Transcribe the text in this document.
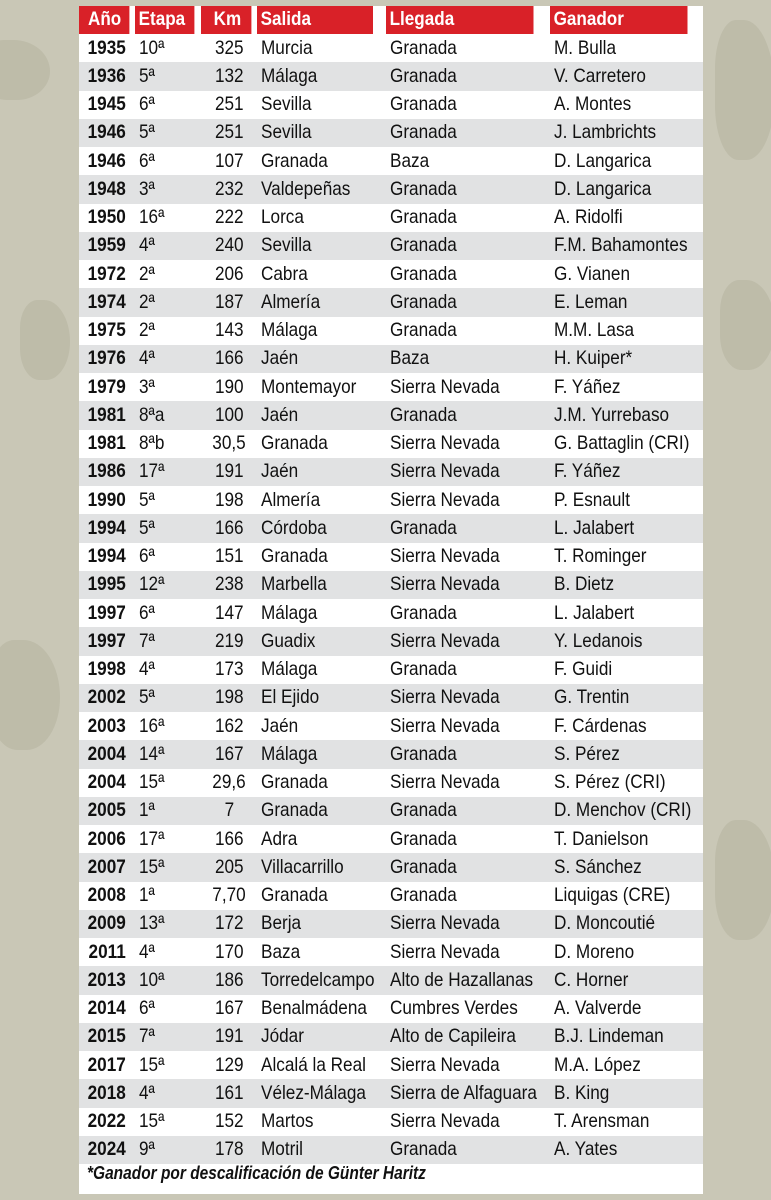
Año	Etapa	Km	Salida	Llegada	Ganador
1935	10ª	325	Murcia	Granada	M. Bulla
1936	5ª	132	Málaga	Granada	V. Carretero
1945	6ª	251	Sevilla	Granada	A. Montes
1946	5ª	251	Sevilla	Granada	J. Lambrichts
1946	6ª	107	Granada	Baza	D. Langarica
1948	3ª	232	Valdepeñas	Granada	D. Langarica
1950	16ª	222	Lorca	Granada	A. Ridolfi
1959	4ª	240	Sevilla	Granada	F.M. Bahamontes
1972	2ª	206	Cabra	Granada	G. Vianen
1974	2ª	187	Almería	Granada	E. Leman
1975	2ª	143	Málaga	Granada	M.M. Lasa
1976	4ª	166	Jaén	Baza	H. Kuiper*
1979	3ª	190	Montemayor	Sierra Nevada	F. Yáñez
1981	8ªa	100	Jaén	Granada	J.M. Yurrebaso
1981	8ªb	30,5	Granada	Sierra Nevada	G. Battaglin (CRI)
1986	17ª	191	Jaén	Sierra Nevada	F. Yáñez
1990	5ª	198	Almería	Sierra Nevada	P. Esnault
1994	5ª	166	Córdoba	Granada	L. Jalabert
1994	6ª	151	Granada	Sierra Nevada	T. Rominger
1995	12ª	238	Marbella	Sierra Nevada	B. Dietz
1997	6ª	147	Málaga	Granada	L. Jalabert
1997	7ª	219	Guadix	Sierra Nevada	Y. Ledanois
1998	4ª	173	Málaga	Granada	F. Guidi
2002	5ª	198	El Ejido	Sierra Nevada	G. Trentin
2003	16ª	162	Jaén	Sierra Nevada	F. Cárdenas
2004	14ª	167	Málaga	Granada	S. Pérez
2004	15ª	29,6	Granada	Sierra Nevada	S. Pérez (CRI)
2005	1ª	7	Granada	Granada	D. Menchov (CRI)
2006	17ª	166	Adra	Granada	T. Danielson
2007	15ª	205	Villacarrillo	Granada	S. Sánchez
2008	1ª	7,70	Granada	Granada	Liquigas (CRE)
2009	13ª	172	Berja	Sierra Nevada	D. Moncoutié
2011	4ª	170	Baza	Sierra Nevada	D. Moreno
2013	10ª	186	Torredelcampo	Alto de Hazallanas	C. Horner
2014	6ª	167	Benalmádena	Cumbres Verdes	A. Valverde
2015	7ª	191	Jódar	Alto de Capileira	B.J. Lindeman
2017	15ª	129	Alcalá la Real	Sierra Nevada	M.A. López
2018	4ª	161	Vélez-Málaga	Sierra de Alfaguara	B. King
2022	15ª	152	Martos	Sierra Nevada	T. Arensman
2024	9ª	178	Motril	Granada	A. Yates
*Ganador por descalificación de Günter Haritz
